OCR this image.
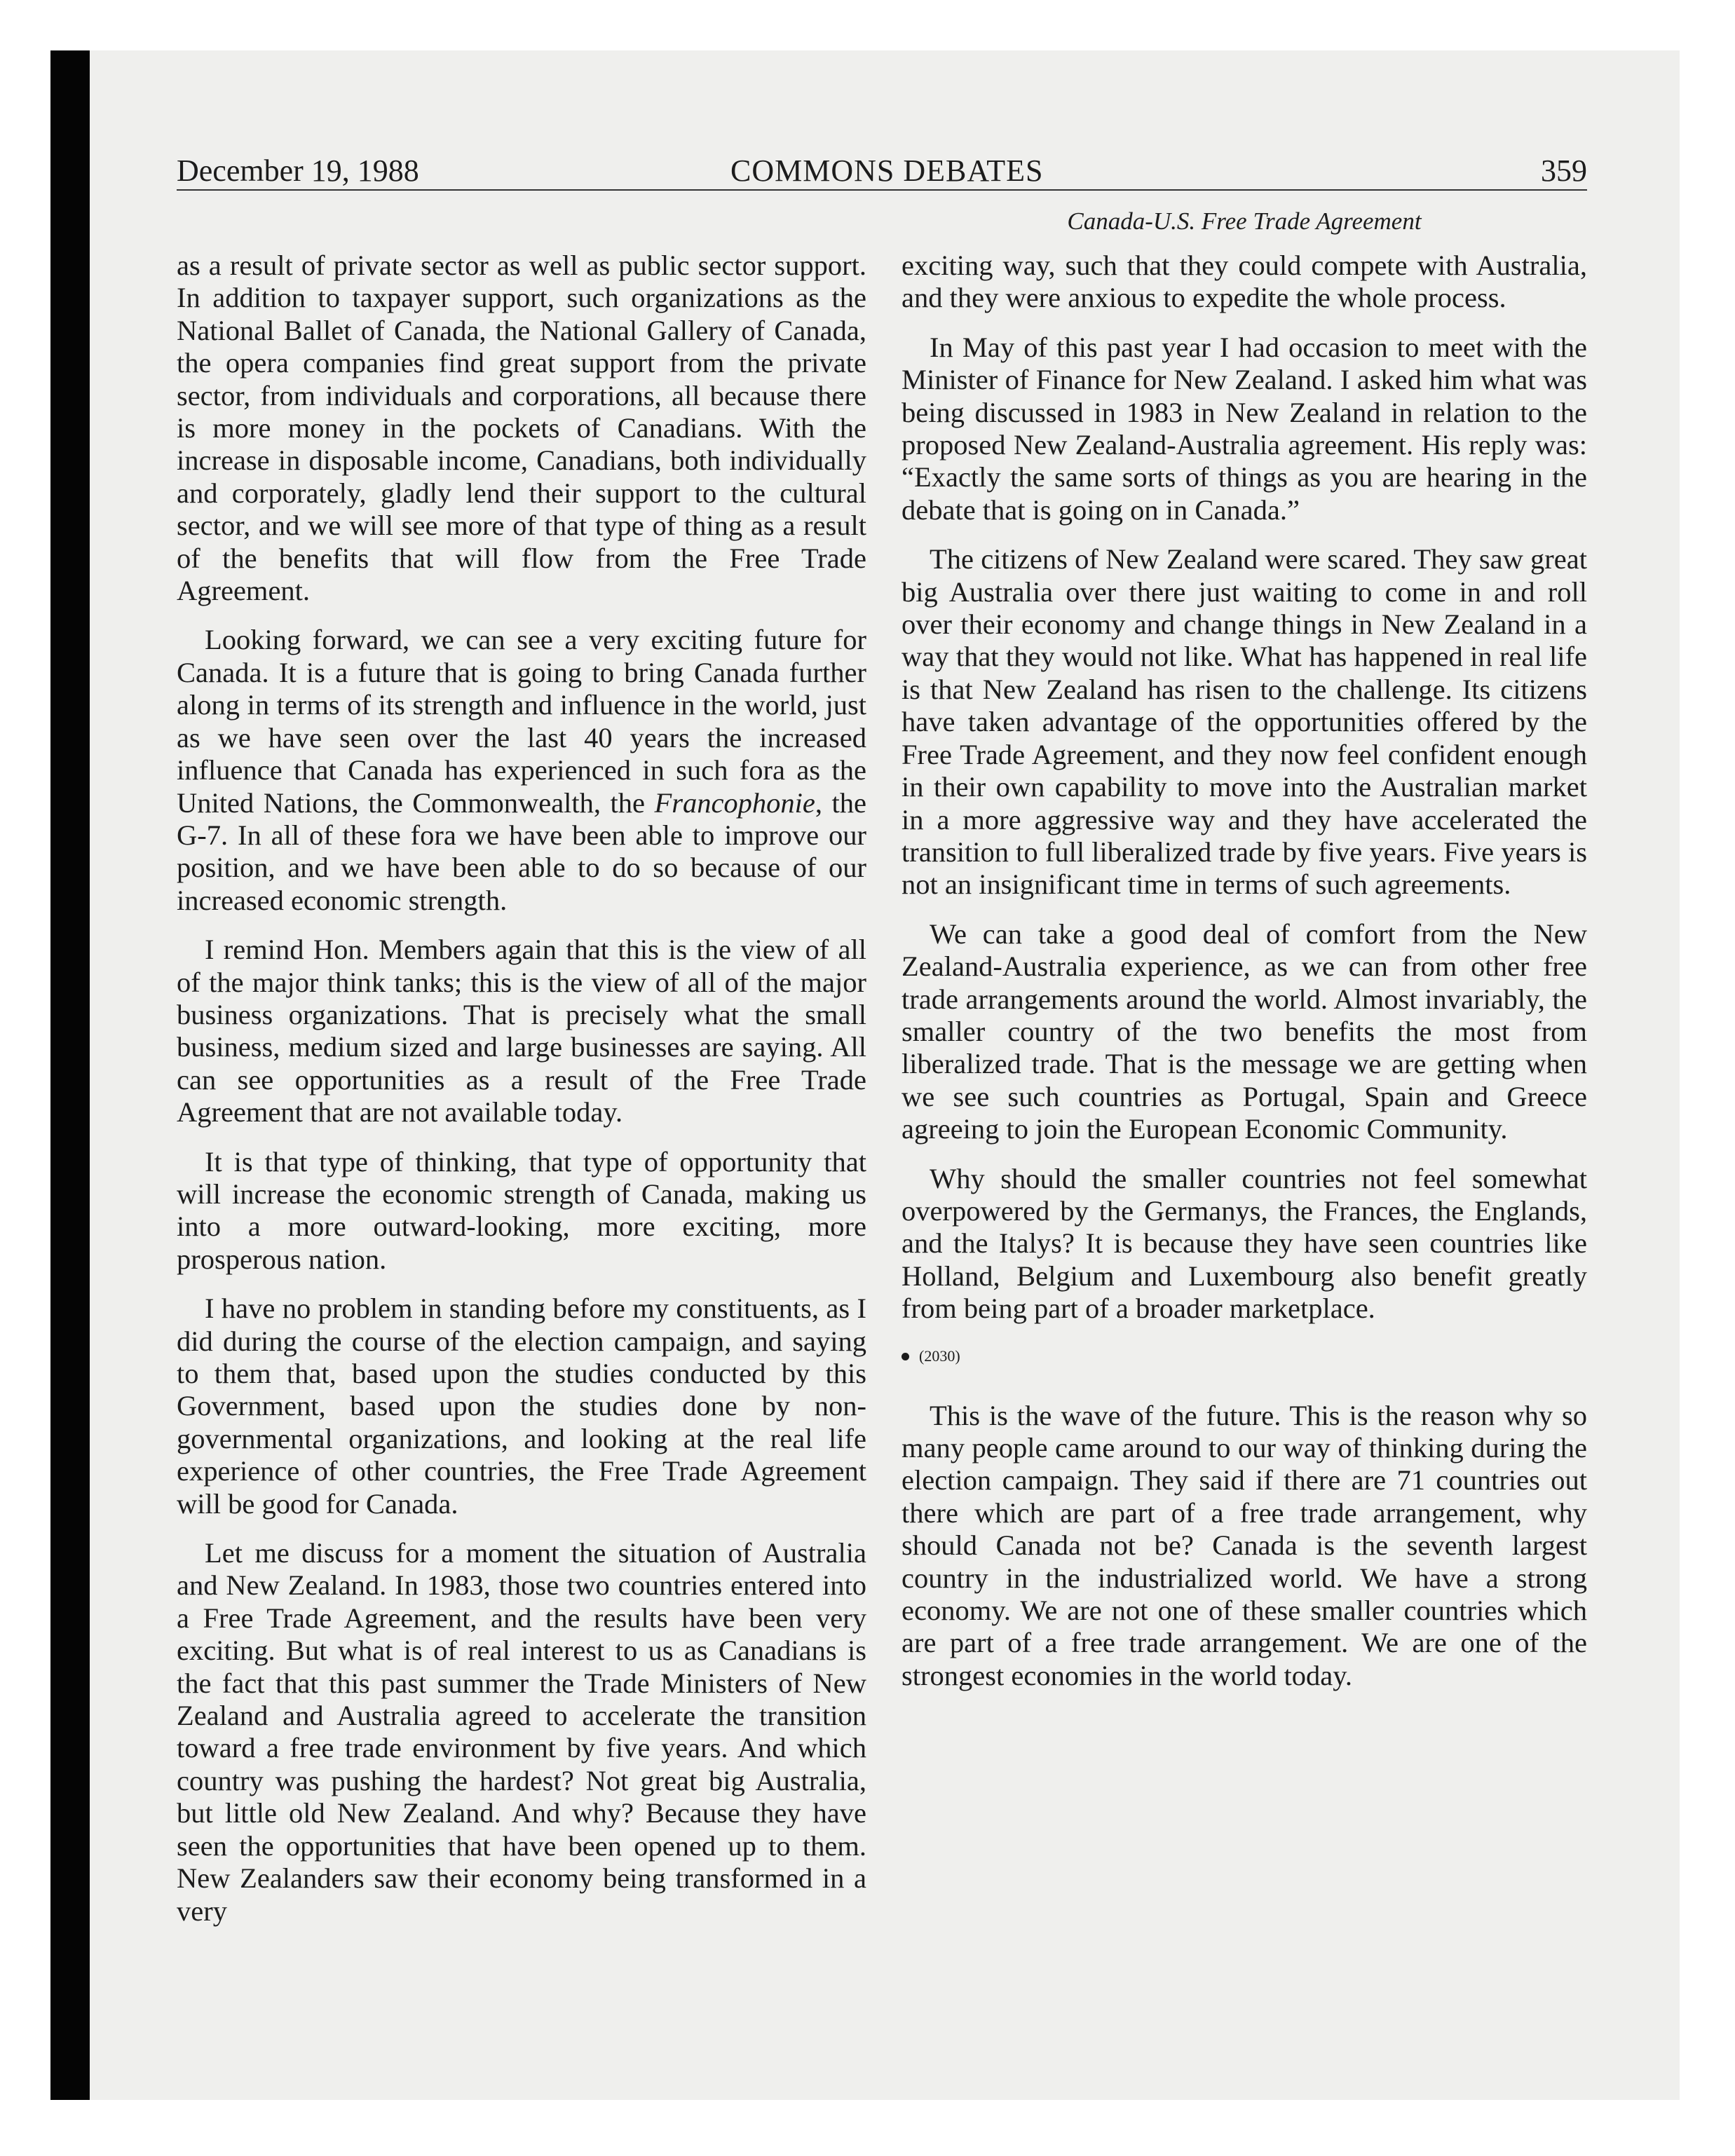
December 19, 1988	COMMONS DEBATES	359
Canada-U.S. Free Trade Agreement

as a result of private sector as well as public sector support. In addition to taxpayer support, such organizations as the National Ballet of Canada, the National Gallery of Canada, the opera companies find great support from the private sector, from individuals and corporations, all because there is more money in the pockets of Canadians. With the increase in disposable income, Canadians, both individually and corporately, gladly lend their support to the cultural sector, and we will see more of that type of thing as a result of the benefits that will flow from the Free Trade Agreement.

Looking forward, we can see a very exciting future for Canada. It is a future that is going to bring Canada further along in terms of its strength and influence in the world, just as we have seen over the last 40 years the increased influence that Canada has experienced in such fora as the United Nations, the Commonwealth, the Francophonie, the G-7. In all of these fora we have been able to improve our position, and we have been able to do so because of our increased economic strength.

I remind Hon. Members again that this is the view of all of the major think tanks; this is the view of all of the major business organizations. That is precisely what the small business, medium sized and large businesses are saying. All can see opportunities as a result of the Free Trade Agreement that are not available today.

It is that type of thinking, that type of opportunity that will increase the economic strength of Canada, making us into a more outward-looking, more exciting, more prosperous nation.

I have no problem in standing before my constituents, as I did during the course of the election campaign, and saying to them that, based upon the studies conducted by this Government, based upon the studies done by non-governmental organizations, and looking at the real life experience of other countries, the Free Trade Agreement will be good for Canada.

Let me discuss for a moment the situation of Australia and New Zealand. In 1983, those two countries entered into a Free Trade Agreement, and the results have been very exciting. But what is of real interest to us as Canadians is the fact that this past summer the Trade Ministers of New Zealand and Australia agreed to accelerate the transition toward a free trade environment by five years. And which country was pushing the hardest? Not great big Australia, but little old New Zealand. And why? Because they have seen the opportunities that have been opened up to them. New Zealanders saw their economy being transformed in a very

exciting way, such that they could compete with Australia, and they were anxious to expedite the whole process.

In May of this past year I had occasion to meet with the Minister of Finance for New Zealand. I asked him what was being discussed in 1983 in New Zealand in relation to the proposed New Zealand-Australia agreement. His reply was: “Exactly the same sorts of things as you are hearing in the debate that is going on in Canada.”

The citizens of New Zealand were scared. They saw great big Australia over there just waiting to come in and roll over their economy and change things in New Zealand in a way that they would not like. What has happened in real life is that New Zealand has risen to the challenge. Its citizens have taken advantage of the opportunities offered by the Free Trade Agreement, and they now feel confident enough in their own capability to move into the Australian market in a more aggressive way and they have accelerated the transition to full liberalized trade by five years. Five years is not an insignificant time in terms of such agreements.

We can take a good deal of comfort from the New Zealand-Australia experience, as we can from other free trade arrangements around the world. Almost invariably, the smaller country of the two benefits the most from liberalized trade. That is the message we are getting when we see such countries as Portugal, Spain and Greece agreeing to join the European Economic Community.

Why should the smaller countries not feel somewhat overpowered by the Germanys, the Frances, the Englands, and the Italys? It is because they have seen countries like Holland, Belgium and Luxembourg also benefit greatly from being part of a broader marketplace.

(2030)

This is the wave of the future. This is the reason why so many people came around to our way of thinking during the election campaign. They said if there are 71 countries out there which are part of a free trade arrangement, why should Canada not be? Canada is the seventh largest country in the industrialized world. We have a strong economy. We are not one of these smaller countries which are part of a free trade arrangement. We are one of the strongest economies in the world today.
